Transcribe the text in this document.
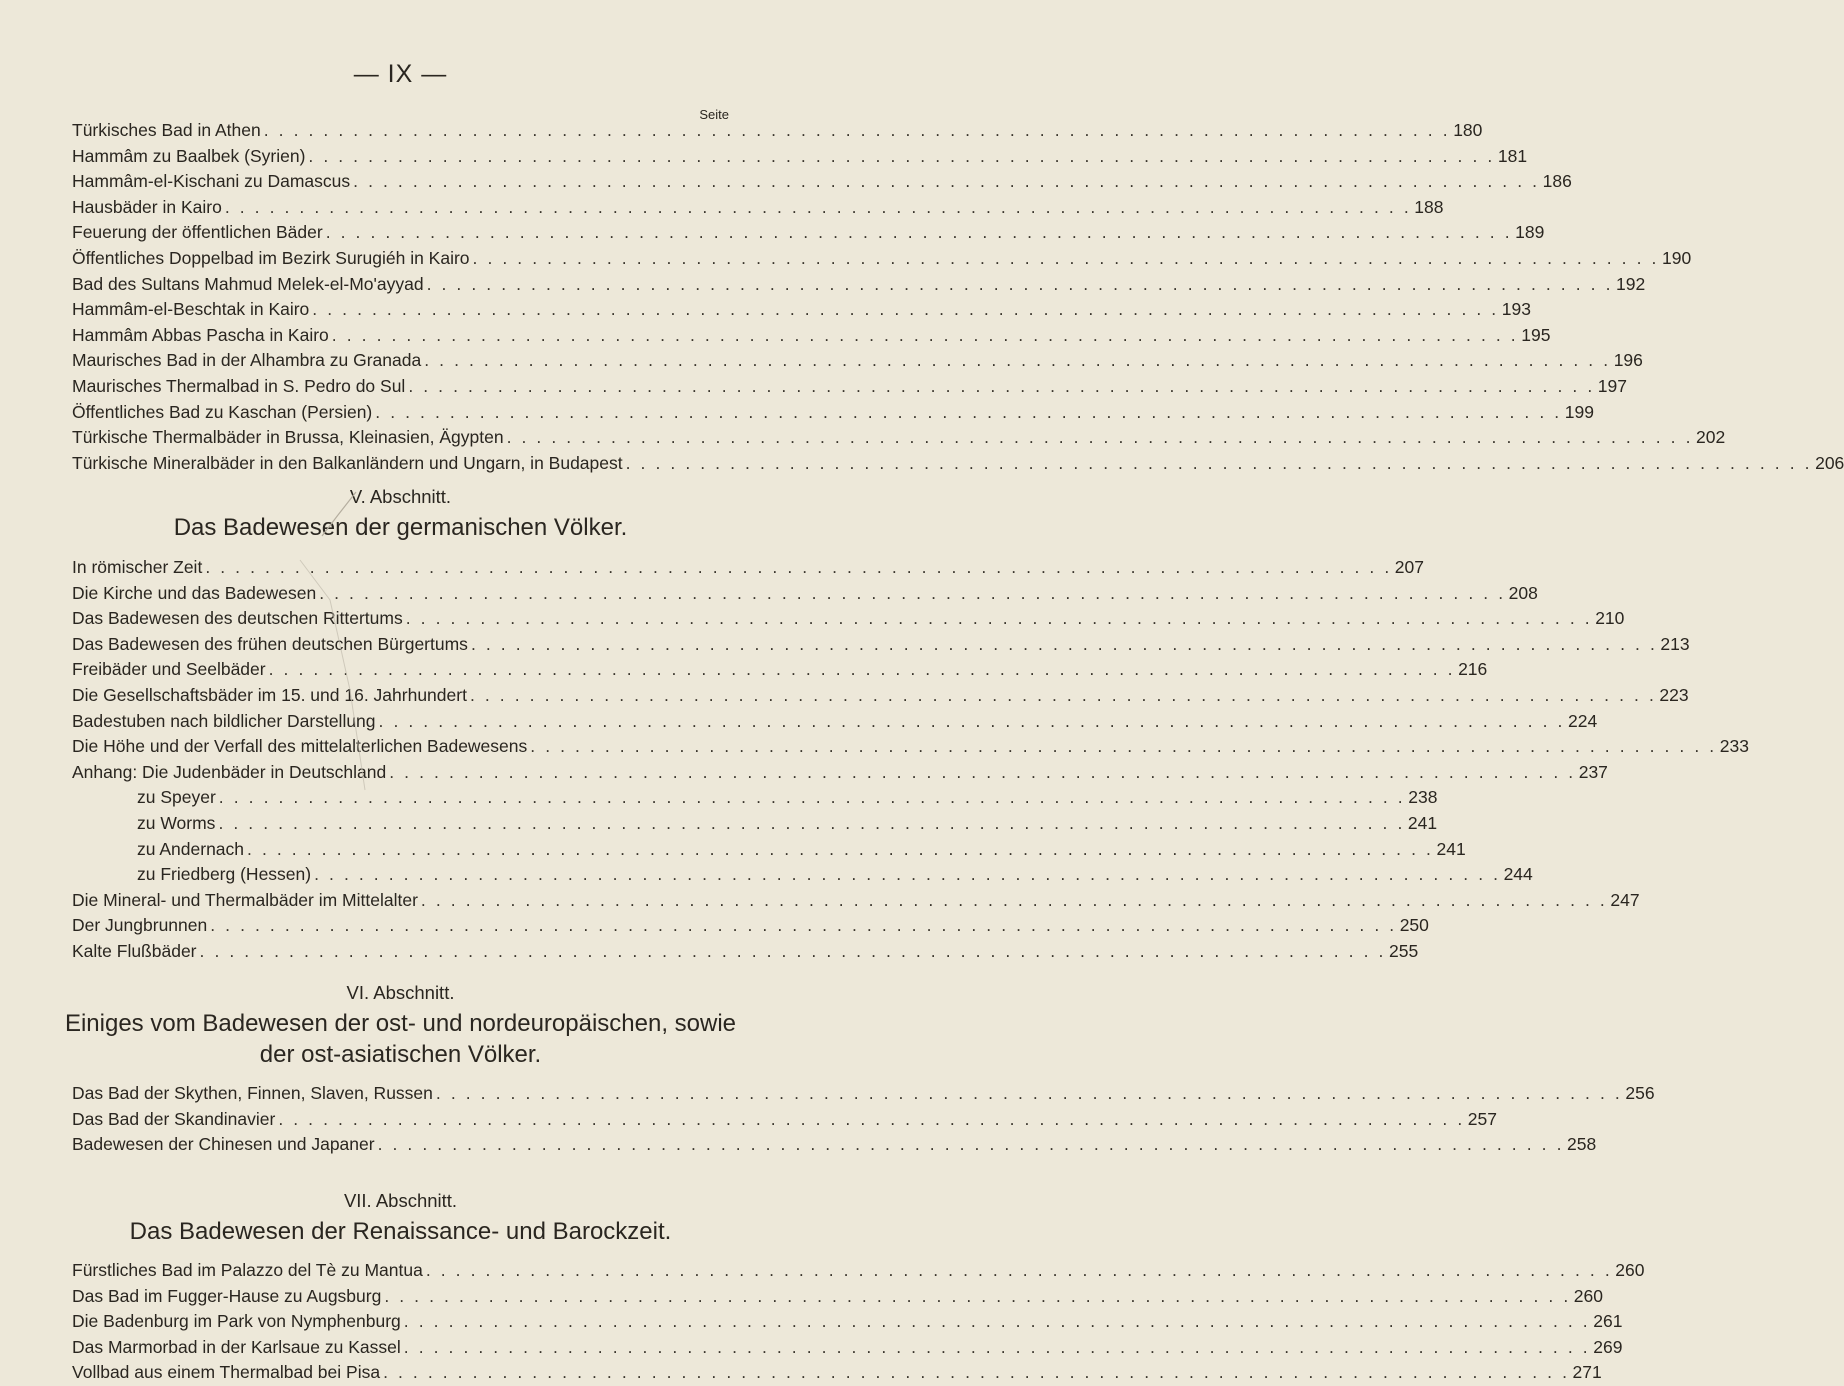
— IX —
Seite
Türkisches Bad in Athen . . . . . . . . . . . . . . . . . . . . . . . . . . . . . . . . . . . . . . . . . . . . . . . . . . . . . . . . . . . . . . . . . . . . . . . . . . . . . . . . 180
Hammâm zu Baalbek (Syrien) . . . . . . . . . . . . . . . . . . . . . . . . . . . . . . . . . . . . . . . . . . . . . . . . . . . . . . . . . . . . . . . . . . . . . . . . . . . . . . . . 181
Hammâm-el-Kischani zu Damascus . . . . . . . . . . . . . . . . . . . . . . . . . . . . . . . . . . . . . . . . . . . . . . . . . . . . . . . . . . . . . . . . . . . . . . . . . . . . . . . . 186
Hausbäder in Kairo . . . . . . . . . . . . . . . . . . . . . . . . . . . . . . . . . . . . . . . . . . . . . . . . . . . . . . . . . . . . . . . . . . . . . . . . . . . . . . . . 188
Feuerung der öffentlichen Bäder . . . . . . . . . . . . . . . . . . . . . . . . . . . . . . . . . . . . . . . . . . . . . . . . . . . . . . . . . . . . . . . . . . . . . . . . . . . . . . . . 189
Öffentliches Doppelbad im Bezirk Surugiéh in Kairo . . . . . . . . . . . . . . . . . . . . . . . . . . . . . . . . . . . . . . . . . . . . . . . . . . . . . . . . . . . . . . . . . . . . . . . . . . . . . . . . 190
Bad des Sultans Mahmud Melek-el-Mo'ayyad . . . . . . . . . . . . . . . . . . . . . . . . . . . . . . . . . . . . . . . . . . . . . . . . . . . . . . . . . . . . . . . . . . . . . . . . . . . . . . . . 192
Hammâm-el-Beschtak in Kairo . . . . . . . . . . . . . . . . . . . . . . . . . . . . . . . . . . . . . . . . . . . . . . . . . . . . . . . . . . . . . . . . . . . . . . . . . . . . . . . . 193
Hammâm Abbas Pascha in Kairo . . . . . . . . . . . . . . . . . . . . . . . . . . . . . . . . . . . . . . . . . . . . . . . . . . . . . . . . . . . . . . . . . . . . . . . . . . . . . . . . 195
Maurisches Bad in der Alhambra zu Granada . . . . . . . . . . . . . . . . . . . . . . . . . . . . . . . . . . . . . . . . . . . . . . . . . . . . . . . . . . . . . . . . . . . . . . . . . . . . . . . . 196
Maurisches Thermalbad in S. Pedro do Sul . . . . . . . . . . . . . . . . . . . . . . . . . . . . . . . . . . . . . . . . . . . . . . . . . . . . . . . . . . . . . . . . . . . . . . . . . . . . . . . . 197
Öffentliches Bad zu Kaschan (Persien) . . . . . . . . . . . . . . . . . . . . . . . . . . . . . . . . . . . . . . . . . . . . . . . . . . . . . . . . . . . . . . . . . . . . . . . . . . . . . . . . 199
Türkische Thermalbäder in Brussa, Kleinasien, Ägypten . . . . . . . . . . . . . . . . . . . . . . . . . . . . . . . . . . . . . . . . . . . . . . . . . . . . . . . . . . . . . . . . . . . . . . . . . . . . . . . . 202
Türkische Mineralbäder in den Balkanländern und Ungarn, in Budapest . . . . . . . . . . . . . . . . . . . . . . . . . . . . . . . . . . . . . . . . . . . . . . . . . . . . . . . . . . . . . . . . . . . . . . . . . . . . . . . . 206
V. Abschnitt.
Das Badewesen der germanischen Völker.
In römischer Zeit . . . . . . . . . . . . . . . . . . . . . . . . . . . . . . . . . . . . . . . . . . . . . . . . . . . . . . . . . . . . . . . . . . . . . . . . . . . . . . . . 207
Die Kirche und das Badewesen . . . . . . . . . . . . . . . . . . . . . . . . . . . . . . . . . . . . . . . . . . . . . . . . . . . . . . . . . . . . . . . . . . . . . . . . . . . . . . . . 208
Das Badewesen des deutschen Rittertums . . . . . . . . . . . . . . . . . . . . . . . . . . . . . . . . . . . . . . . . . . . . . . . . . . . . . . . . . . . . . . . . . . . . . . . . . . . . . . . . 210
Das Badewesen des frühen deutschen Bürgertums . . . . . . . . . . . . . . . . . . . . . . . . . . . . . . . . . . . . . . . . . . . . . . . . . . . . . . . . . . . . . . . . . . . . . . . . . . . . . . . . 213
Freibäder und Seelbäder . . . . . . . . . . . . . . . . . . . . . . . . . . . . . . . . . . . . . . . . . . . . . . . . . . . . . . . . . . . . . . . . . . . . . . . . . . . . . . . . 216
Die Gesellschaftsbäder im 15. und 16. Jahrhundert . . . . . . . . . . . . . . . . . . . . . . . . . . . . . . . . . . . . . . . . . . . . . . . . . . . . . . . . . . . . . . . . . . . . . . . . . . . . . . . . 223
Badestuben nach bildlicher Darstellung . . . . . . . . . . . . . . . . . . . . . . . . . . . . . . . . . . . . . . . . . . . . . . . . . . . . . . . . . . . . . . . . . . . . . . . . . . . . . . . . 224
Die Höhe und der Verfall des mittelalterlichen Badewesens . . . . . . . . . . . . . . . . . . . . . . . . . . . . . . . . . . . . . . . . . . . . . . . . . . . . . . . . . . . . . . . . . . . . . . . . . . . . . . . . 233
Anhang: Die Judenbäder in Deutschland . . . . . . . . . . . . . . . . . . . . . . . . . . . . . . . . . . . . . . . . . . . . . . . . . . . . . . . . . . . . . . . . . . . . . . . . . . . . . . . . 237
zu Speyer . . . . . . . . . . . . . . . . . . . . . . . . . . . . . . . . . . . . . . . . . . . . . . . . . . . . . . . . . . . . . . . . . . . . . . . . . . . . . . . . 238
zu Worms . . . . . . . . . . . . . . . . . . . . . . . . . . . . . . . . . . . . . . . . . . . . . . . . . . . . . . . . . . . . . . . . . . . . . . . . . . . . . . . . 241
zu Andernach . . . . . . . . . . . . . . . . . . . . . . . . . . . . . . . . . . . . . . . . . . . . . . . . . . . . . . . . . . . . . . . . . . . . . . . . . . . . . . . . 241
zu Friedberg (Hessen) . . . . . . . . . . . . . . . . . . . . . . . . . . . . . . . . . . . . . . . . . . . . . . . . . . . . . . . . . . . . . . . . . . . . . . . . . . . . . . . . 244
Die Mineral- und Thermalbäder im Mittelalter . . . . . . . . . . . . . . . . . . . . . . . . . . . . . . . . . . . . . . . . . . . . . . . . . . . . . . . . . . . . . . . . . . . . . . . . . . . . . . . . 247
Der Jungbrunnen . . . . . . . . . . . . . . . . . . . . . . . . . . . . . . . . . . . . . . . . . . . . . . . . . . . . . . . . . . . . . . . . . . . . . . . . . . . . . . . . 250
Kalte Flußbäder . . . . . . . . . . . . . . . . . . . . . . . . . . . . . . . . . . . . . . . . . . . . . . . . . . . . . . . . . . . . . . . . . . . . . . . . . . . . . . . . 255
VI. Abschnitt.
Einiges vom Badewesen der ost- und nordeuropäischen, sowie der ost-asiatischen Völker.
Das Bad der Skythen, Finnen, Slaven, Russen . . . . . . . . . . . . . . . . . . . . . . . . . . . . . . . . . . . . . . . . . . . . . . . . . . . . . . . . . . . . . . . . . . . . . . . . . . . . . . . . 256
Das Bad der Skandinavier . . . . . . . . . . . . . . . . . . . . . . . . . . . . . . . . . . . . . . . . . . . . . . . . . . . . . . . . . . . . . . . . . . . . . . . . . . . . . . . . 257
Badewesen der Chinesen und Japaner . . . . . . . . . . . . . . . . . . . . . . . . . . . . . . . . . . . . . . . . . . . . . . . . . . . . . . . . . . . . . . . . . . . . . . . . . . . . . . . . 258
VII. Abschnitt.
Das Badewesen der Renaissance- und Barockzeit.
Fürstliches Bad im Palazzo del Tè zu Mantua . . . . . . . . . . . . . . . . . . . . . . . . . . . . . . . . . . . . . . . . . . . . . . . . . . . . . . . . . . . . . . . . . . . . . . . . . . . . . . . . 260
Das Bad im Fugger-Hause zu Augsburg . . . . . . . . . . . . . . . . . . . . . . . . . . . . . . . . . . . . . . . . . . . . . . . . . . . . . . . . . . . . . . . . . . . . . . . . . . . . . . . . 260
Die Badenburg im Park von Nymphenburg . . . . . . . . . . . . . . . . . . . . . . . . . . . . . . . . . . . . . . . . . . . . . . . . . . . . . . . . . . . . . . . . . . . . . . . . . . . . . . . . 261
Das Marmorbad in der Karlsaue zu Kassel . . . . . . . . . . . . . . . . . . . . . . . . . . . . . . . . . . . . . . . . . . . . . . . . . . . . . . . . . . . . . . . . . . . . . . . . . . . . . . . . 269
Vollbad aus einem Thermalbad bei Pisa . . . . . . . . . . . . . . . . . . . . . . . . . . . . . . . . . . . . . . . . . . . . . . . . . . . . . . . . . . . . . . . . . . . . . . . . . . . . . . . . 271
